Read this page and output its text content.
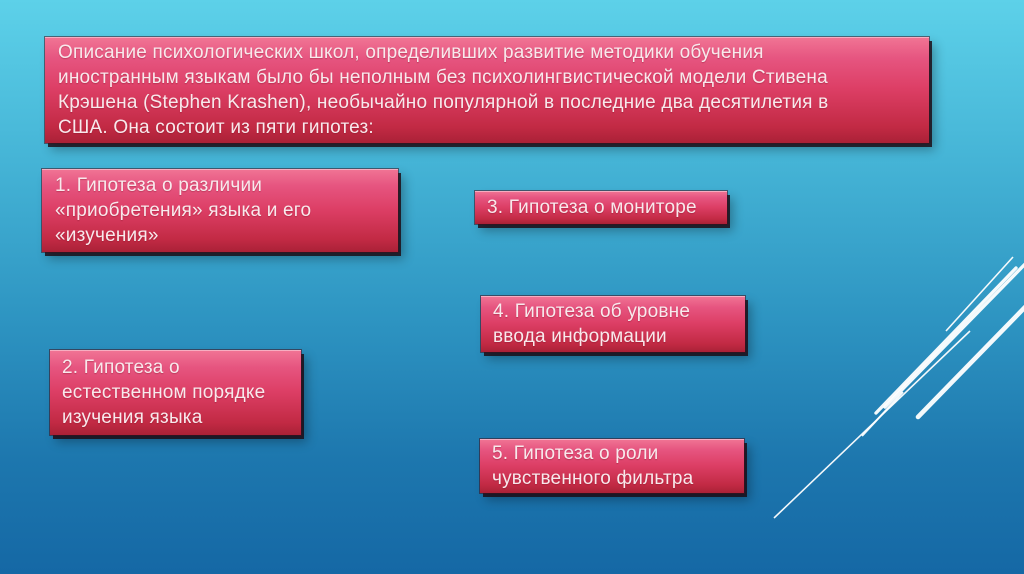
Описание психологических школ, определивших развитие методики обучения
иностранным языкам было бы неполным без психолингвистической модели Стивена
Крэшена (Stephen Krashen), необычайно популярной в последние два десятилетия в
США. Она состоит из пяти гипотез:
1. Гипотеза о различии
«приобретения» языка и его
«изучения»
2. Гипотеза о
естественном порядке
изучения языка
3. Гипотеза о мониторе
4. Гипотеза об уровне
ввода информации
5. Гипотеза о роли
чувственного фильтра
